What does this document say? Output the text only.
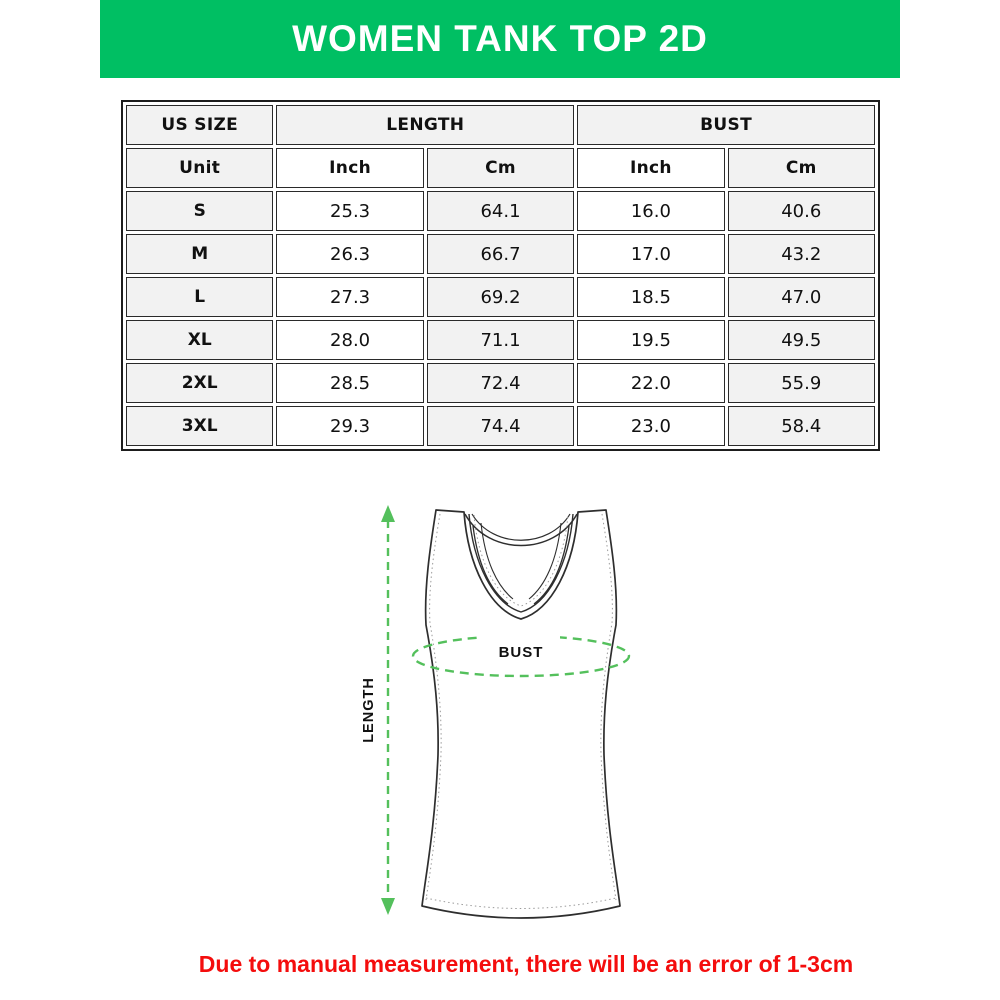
WOMEN TANK TOP 2D
US SIZE	LENGTH		BUST	
Unit	Inch	Cm	Inch	Cm
S	25.3	64.1	16.0	40.6
M	26.3	66.7	17.0	43.2
L	27.3	69.2	18.5	47.0
XL	28.0	71.1	19.5	49.5
2XL	28.5	72.4	22.0	55.9
3XL	29.3	74.4	23.0	58.4
BUST
LENGTH
Due to manual measurement, there will be an error of 1-3cm
